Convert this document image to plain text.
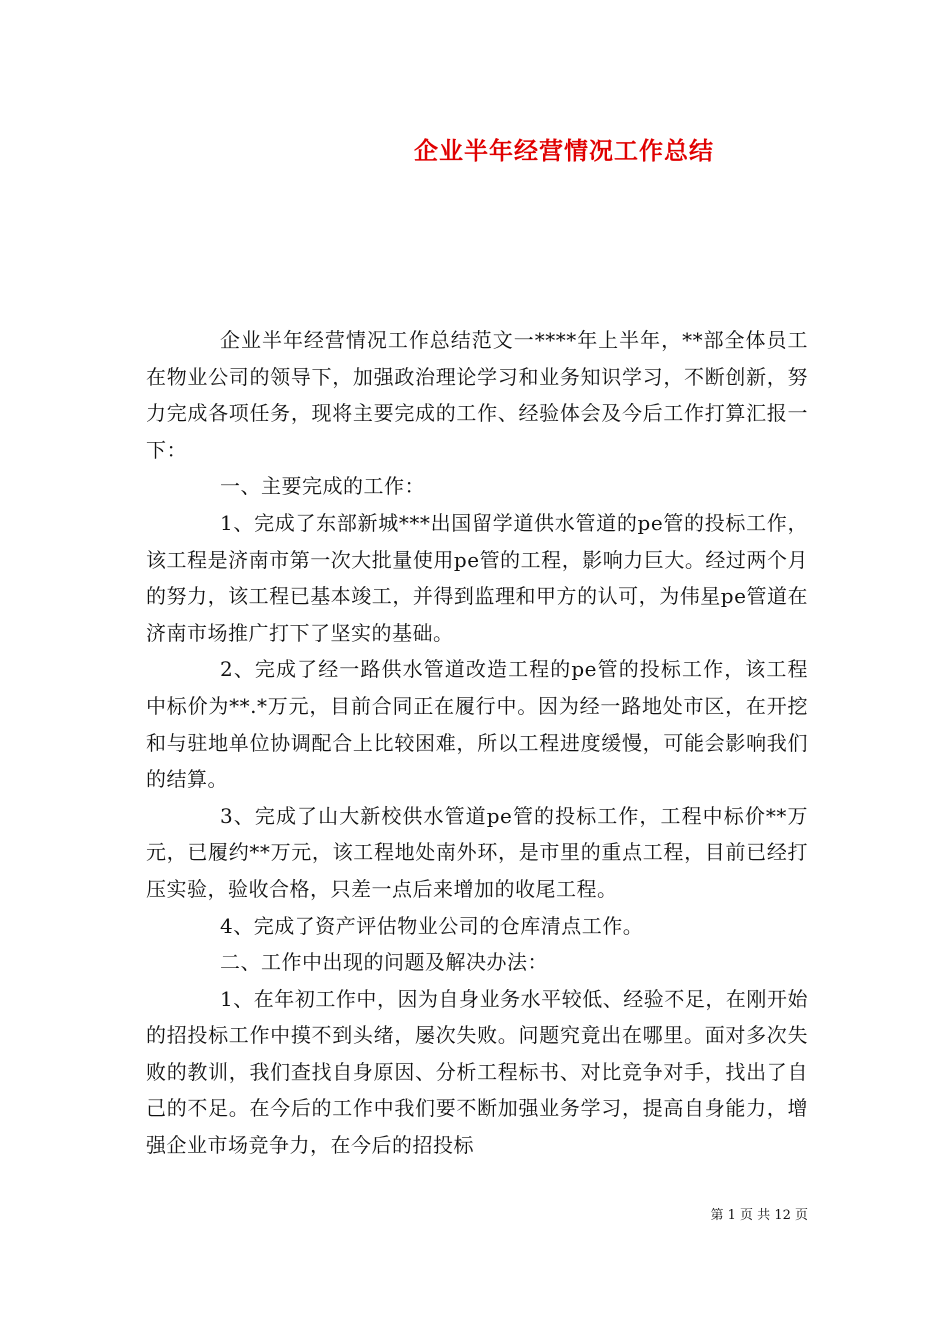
企业半年经营情况工作总结

企业半年经营情况工作总结范文一****年上半年，**部全体员工在物业公司的领导下，加强政治理论学习和业务知识学习，不断创新，努力完成各项任务，现将主要完成的工作、经验体会及今后工作打算汇报一下：

一、主要完成的工作：

1、完成了东部新城***出国留学道供水管道的pe管的投标工作，该工程是济南市第一次大批量使用pe管的工程，影响力巨大。经过两个月的努力，该工程已基本竣工，并得到监理和甲方的认可，为伟星pe管道在济南市场推广打下了坚实的基础。

2、完成了经一路供水管道改造工程的pe管的投标工作，该工程中标价为**.*万元，目前合同正在履行中。因为经一路地处市区，在开挖和与驻地单位协调配合上比较困难，所以工程进度缓慢，可能会影响我们的结算。

3、完成了山大新校供水管道pe管的投标工作，工程中标价**万元，已履约**万元，该工程地处南外环，是市里的重点工程，目前已经打压实验，验收合格，只差一点后来增加的收尾工程。

4、完成了资产评估物业公司的仓库清点工作。

二、工作中出现的问题及解决办法：

1、在年初工作中，因为自身业务水平较低、经验不足，在刚开始的招投标工作中摸不到头绪，屡次失败。问题究竟出在哪里。面对多次失败的教训，我们查找自身原因、分析工程标书、对比竞争对手，找出了自己的不足。在今后的工作中我们要不断加强业务学习，提高自身能力，增强企业市场竞争力，在今后的招投标

第 1 页 共 12 页
